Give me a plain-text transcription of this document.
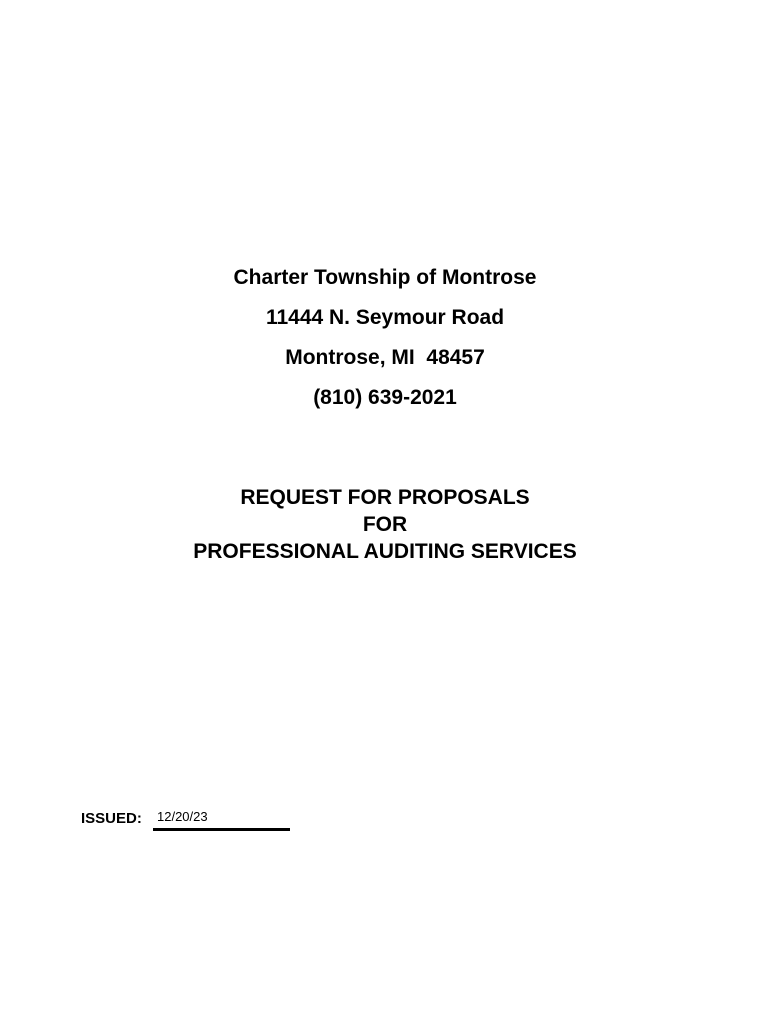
Charter Township of Montrose
11444 N. Seymour Road
Montrose, MI  48457
(810) 639-2021
REQUEST FOR PROPOSALS
FOR
PROFESSIONAL AUDITING SERVICES
ISSUED: 12/20/23
